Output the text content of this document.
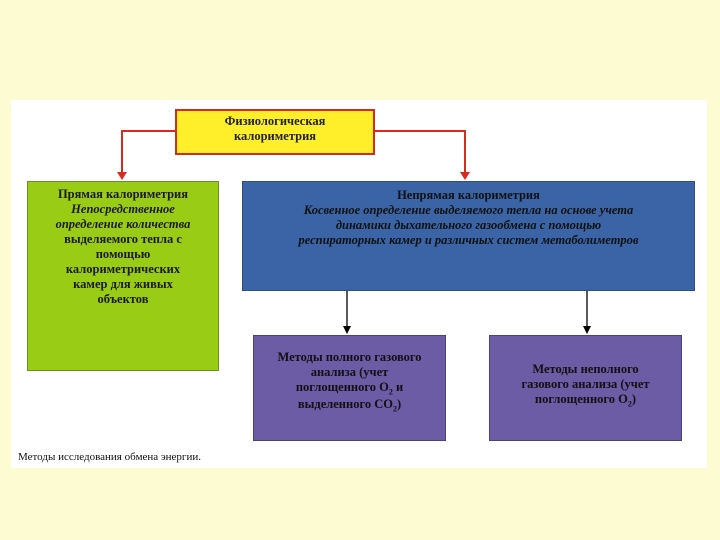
Физиологическая
калориметрия
Прямая калориметрия
Непосредственное
определение количества
выделяемого тепла с
помощью
калориметрических
камер для живых
объектов
Непрямая калориметрия
Косвенное определение выделяемого тепла на основе учета
динамики дыхательного газообмена с помощью
респираторных камер и различных систем метаболиметров
Методы полного газового
анализа (учет
поглощенного $O_2$ и
выделенного $CO_2$)
Методы неполного
газового анализа (учет
поглощенного $O_2$)
Методы исследования обмена энергии.
